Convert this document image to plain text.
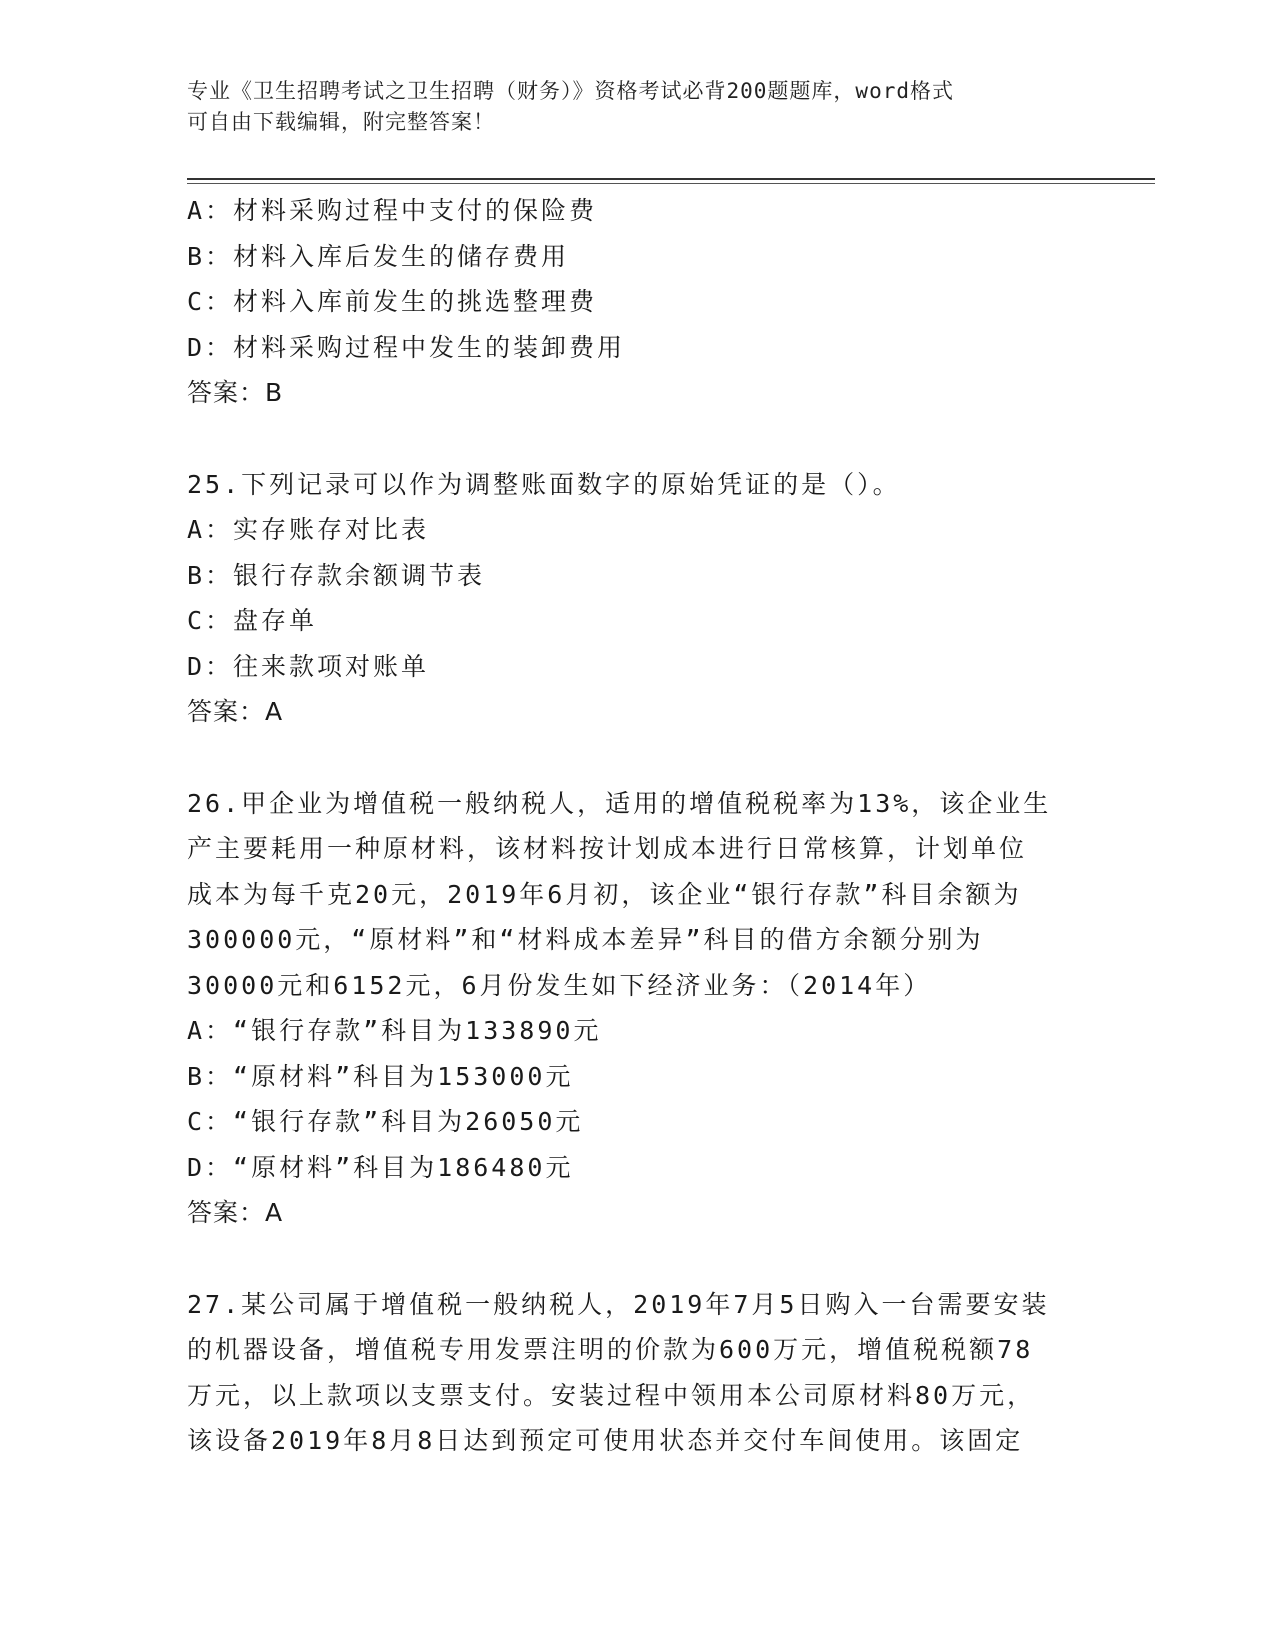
专业《卫生招聘考试之卫生招聘（财务）》资格考试必背200题题库，word格式
可自由下载编辑，附完整答案！
A：材料采购过程中支付的保险费
B：材料入库后发生的储存费用
C：材料入库前发生的挑选整理费
D：材料采购过程中发生的装卸费用
答案：B
25.下列记录可以作为调整账面数字的原始凭证的是（）。
A：实存账存对比表
B：银行存款余额调节表
C：盘存单
D：往来款项对账单
答案：A
26.甲企业为增值税一般纳税人，适用的增值税税率为13%，该企业生
产主要耗用一种原材料，该材料按计划成本进行日常核算，计划单位
成本为每千克20元，2019年6月初，该企业“银行存款”科目余额为
300000元，“原材料”和“材料成本差异”科目的借方余额分别为
30000元和6152元，6月份发生如下经济业务：（2014年）
A：“银行存款”科目为133890元
B：“原材料”科目为153000元
C：“银行存款”科目为26050元
D：“原材料”科目为186480元
答案：A
27.某公司属于增值税一般纳税人，2019年7月5日购入一台需要安装
的机器设备，增值税专用发票注明的价款为600万元，增值税税额78
万元，以上款项以支票支付。安装过程中领用本公司原材料80万元，
该设备2019年8月8日达到预定可使用状态并交付车间使用。该固定
